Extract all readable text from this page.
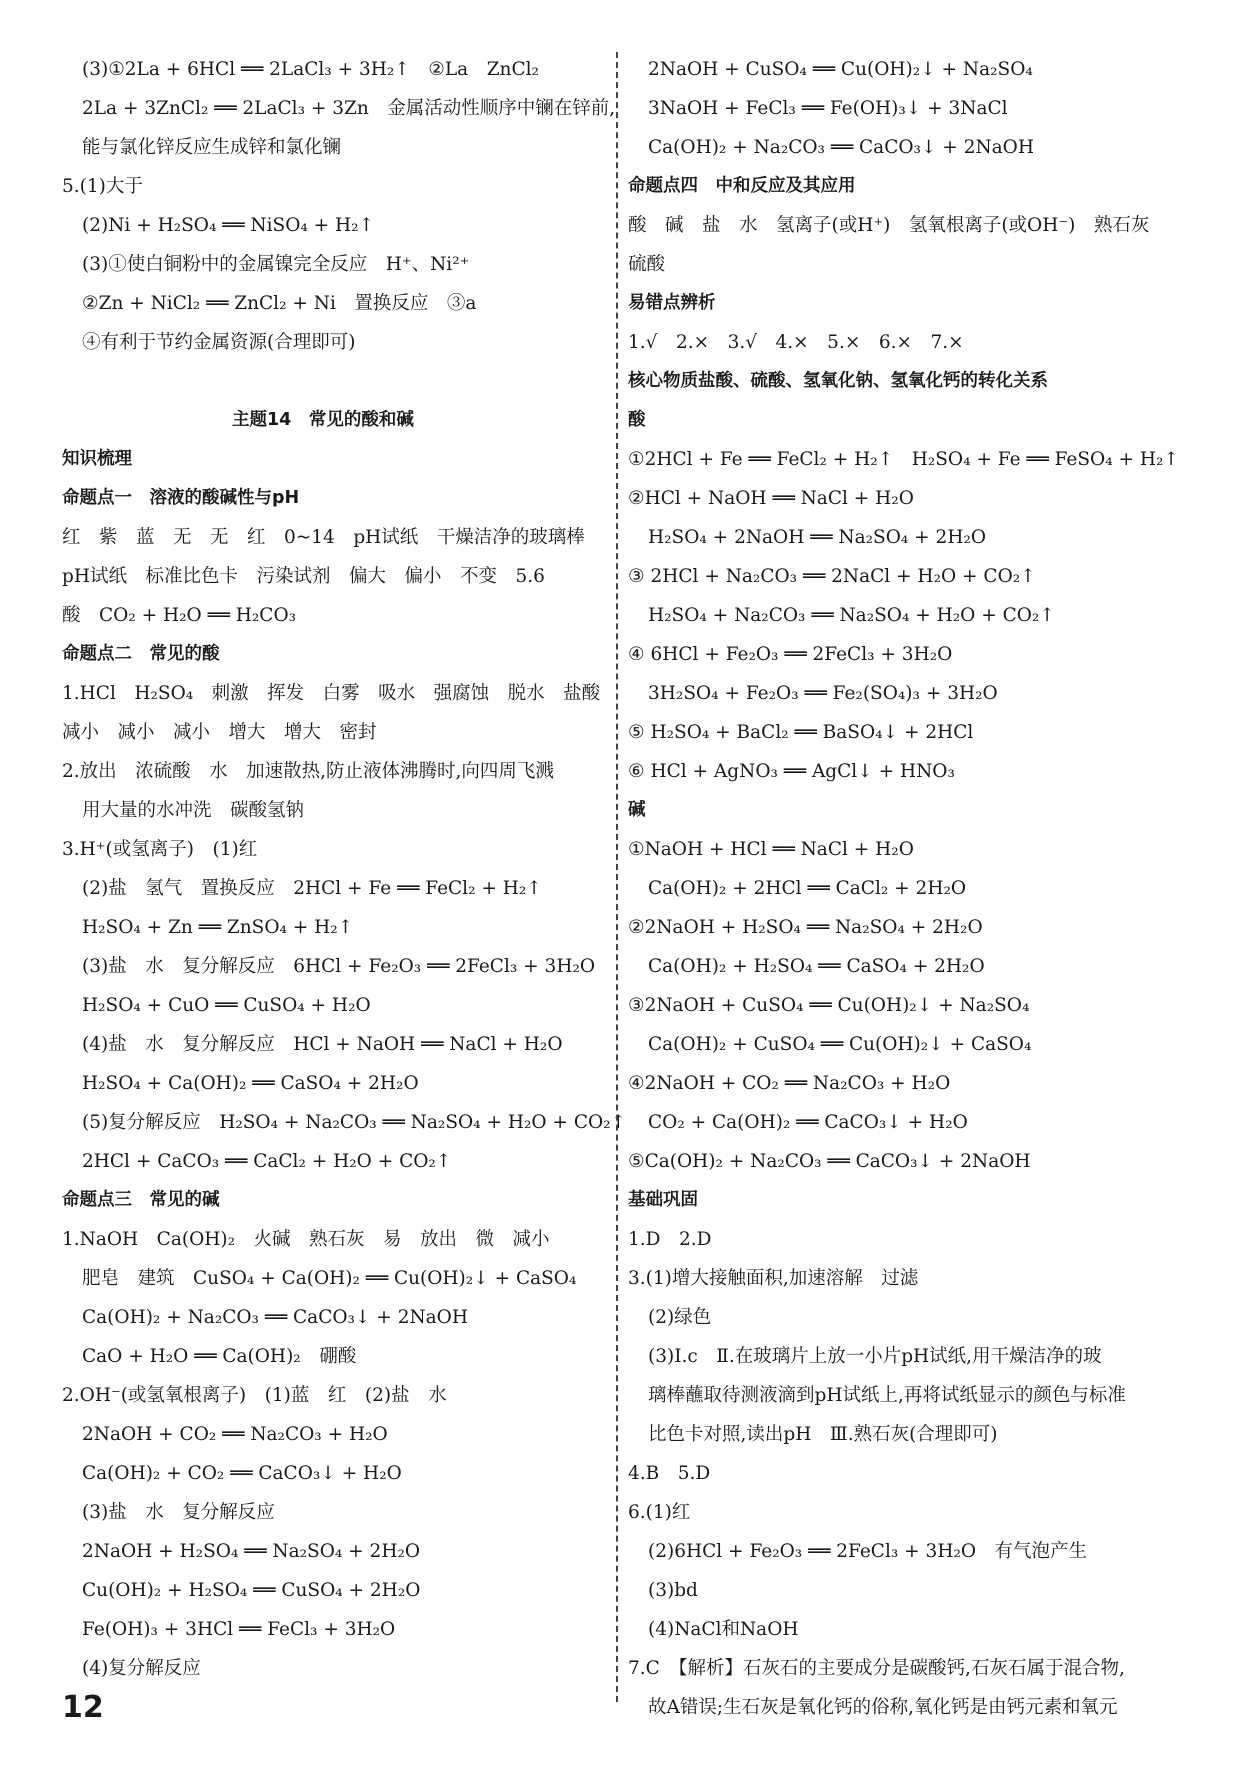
(3)①2La + 6HCl ══ 2LaCl₃ + 3H₂↑　②La　ZnCl₂
2La + 3ZnCl₂ ══ 2LaCl₃ + 3Zn　金属活动性顺序中镧在锌前,
能与氯化锌反应生成锌和氯化镧
5.(1)大于
(2)Ni + H₂SO₄ ══ NiSO₄ + H₂↑
(3)①使白铜粉中的金属镍完全反应　H⁺、Ni²⁺
②Zn + NiCl₂ ══ ZnCl₂ + Ni　置换反应　③a
④有利于节约金属资源(合理即可)
主题14　常见的酸和碱
知识梳理
命题点一　溶液的酸碱性与pH
红　紫　蓝　无　无　红　0~14　pH试纸　干燥洁净的玻璃棒
pH试纸　标准比色卡　污染试剂　偏大　偏小　不变　5.6
酸　CO₂ + H₂O ══ H₂CO₃
命题点二　常见的酸
1.HCl　H₂SO₄　刺激　挥发　白雾　吸水　强腐蚀　脱水　盐酸
减小　减小　减小　增大　增大　密封
2.放出　浓硫酸　水　加速散热,防止液体沸腾时,向四周飞溅
用大量的水冲洗　碳酸氢钠
3.H⁺(或氢离子)　(1)红
(2)盐　氢气　置换反应　2HCl + Fe ══ FeCl₂ + H₂↑
H₂SO₄ + Zn ══ ZnSO₄ + H₂↑
(3)盐　水　复分解反应　6HCl + Fe₂O₃ ══ 2FeCl₃ + 3H₂O
H₂SO₄ + CuO ══ CuSO₄ + H₂O
(4)盐　水　复分解反应　HCl + NaOH ══ NaCl + H₂O
H₂SO₄ + Ca(OH)₂ ══ CaSO₄ + 2H₂O
(5)复分解反应　H₂SO₄ + Na₂CO₃ ══ Na₂SO₄ + H₂O + CO₂↑
2HCl + CaCO₃ ══ CaCl₂ + H₂O + CO₂↑
命题点三　常见的碱
1.NaOH　Ca(OH)₂　火碱　熟石灰　易　放出　微　减小
肥皂　建筑　CuSO₄ + Ca(OH)₂ ══ Cu(OH)₂↓ + CaSO₄
Ca(OH)₂ + Na₂CO₃ ══ CaCO₃↓ + 2NaOH
CaO + H₂O ══ Ca(OH)₂　硼酸
2.OH⁻(或氢氧根离子)　(1)蓝　红　(2)盐　水
2NaOH + CO₂ ══ Na₂CO₃ + H₂O
Ca(OH)₂ + CO₂ ══ CaCO₃↓ + H₂O
(3)盐　水　复分解反应
2NaOH + H₂SO₄ ══ Na₂SO₄ + 2H₂O
Cu(OH)₂ + H₂SO₄ ══ CuSO₄ + 2H₂O
Fe(OH)₃ + 3HCl ══ FeCl₃ + 3H₂O
(4)复分解反应
2NaOH + CuSO₄ ══ Cu(OH)₂↓ + Na₂SO₄
3NaOH + FeCl₃ ══ Fe(OH)₃↓ + 3NaCl
Ca(OH)₂ + Na₂CO₃ ══ CaCO₃↓ + 2NaOH
命题点四　中和反应及其应用
酸　碱　盐　水　氢离子(或H⁺)　氢氧根离子(或OH⁻)　熟石灰
硫酸
易错点辨析
1.√　2.×　3.√　4.×　5.×　6.×　7.×
核心物质盐酸、硫酸、氢氧化钠、氢氧化钙的转化关系
酸
①2HCl + Fe ══ FeCl₂ + H₂↑　H₂SO₄ + Fe ══ FeSO₄ + H₂↑
②HCl + NaOH ══ NaCl + H₂O
H₂SO₄ + 2NaOH ══ Na₂SO₄ + 2H₂O
③ 2HCl + Na₂CO₃ ══ 2NaCl + H₂O + CO₂↑
H₂SO₄ + Na₂CO₃ ══ Na₂SO₄ + H₂O + CO₂↑
④ 6HCl + Fe₂O₃ ══ 2FeCl₃ + 3H₂O
3H₂SO₄ + Fe₂O₃ ══ Fe₂(SO₄)₃ + 3H₂O
⑤ H₂SO₄ + BaCl₂ ══ BaSO₄↓ + 2HCl
⑥ HCl + AgNO₃ ══ AgCl↓ + HNO₃
碱
①NaOH + HCl ══ NaCl + H₂O
Ca(OH)₂ + 2HCl ══ CaCl₂ + 2H₂O
②2NaOH + H₂SO₄ ══ Na₂SO₄ + 2H₂O
Ca(OH)₂ + H₂SO₄ ══ CaSO₄ + 2H₂O
③2NaOH + CuSO₄ ══ Cu(OH)₂↓ + Na₂SO₄
Ca(OH)₂ + CuSO₄ ══ Cu(OH)₂↓ + CaSO₄
④2NaOH + CO₂ ══ Na₂CO₃ + H₂O
CO₂ + Ca(OH)₂ ══ CaCO₃↓ + H₂O
⑤Ca(OH)₂ + Na₂CO₃ ══ CaCO₃↓ + 2NaOH
基础巩固
1.D　2.D
3.(1)增大接触面积,加速溶解　过滤
(2)绿色
(3)Ⅰ.c　Ⅱ.在玻璃片上放一小片pH试纸,用干燥洁净的玻
璃棒蘸取待测液滴到pH试纸上,再将试纸显示的颜色与标准
比色卡对照,读出pH　Ⅲ.熟石灰(合理即可)
4.B　5.D
6.(1)红
(2)6HCl + Fe₂O₃ ══ 2FeCl₃ + 3H₂O　有气泡产生
(3)bd
(4)NaCl和NaOH
7.C　【解析】石灰石的主要成分是碳酸钙,石灰石属于混合物,
故A错误;生石灰是氧化钙的俗称,氧化钙是由钙元素和氧元
12
